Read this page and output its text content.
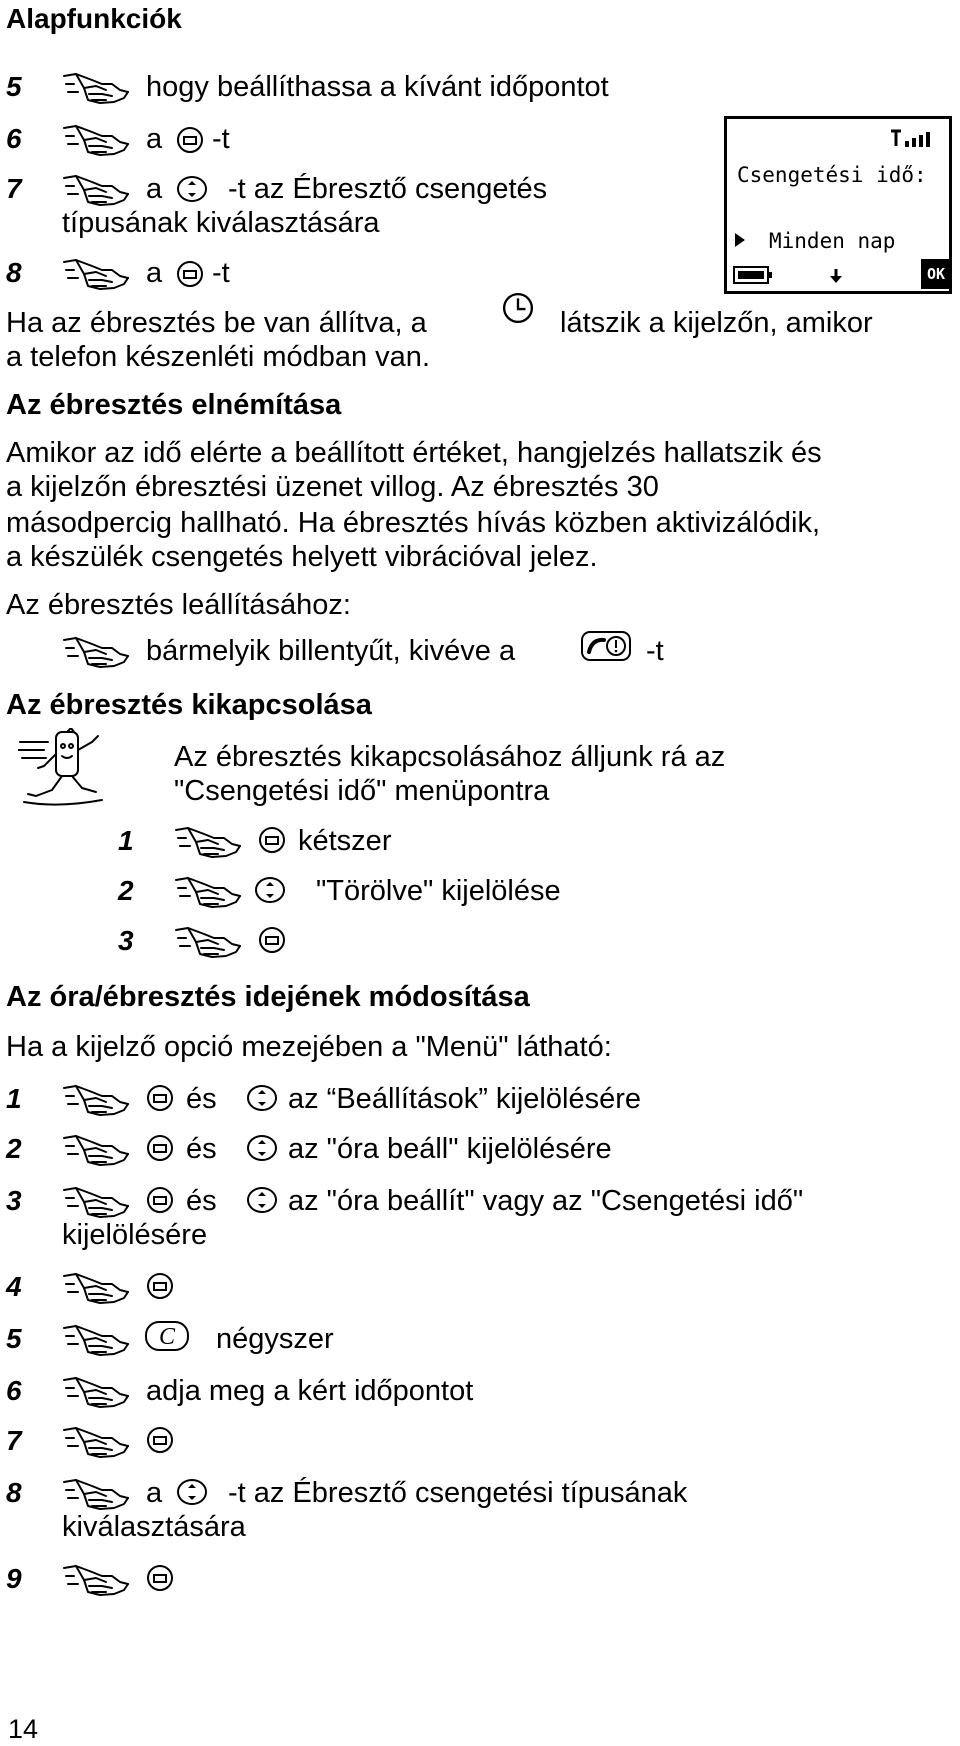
Alapfunkciók
5	hogy beállíthassa a kívánt időpontot
6	a -t
7	a -t az Ébresztő csengetés
típusának kiválasztására
8	a -t
Ha az ébresztés be van állítva, a	látszik a kijelzőn, amikor
a telefon készenléti módban van.
Csengetési idő:
Minden nap
OK
Az ébresztés elnémítása
Amikor az idő elérte a beállított értéket, hangjelzés hallatszik és
a kijelzőn ébresztési üzenet villog. Az ébresztés 30
másodpercig hallható. Ha ébresztés hívás közben aktivizálódik,
a készülék csengetés helyett vibrációval jelez.
Az ébresztés leállításához:
bármelyik billentyűt, kivéve a	-t
Az ébresztés kikapcsolása
Az ébresztés kikapcsolásához álljunk rá az
"Csengetési idő" menüpontra
1	kétszer
2	"Törölve" kijelölése
3
Az óra/ébresztés idejének módosítása
Ha a kijelző opció mezejében a "Menü" látható:
1	és az “Beállítások” kijelölésére
2	és az "óra beáll" kijelölésére
3	és az "óra beállít" vagy az "Csengetési idő"
kijelölésére
4
5	négyszer
6	adja meg a kért időpontot
7
8	a -t az Ébresztő csengetési típusának
kiválasztására
9
14
